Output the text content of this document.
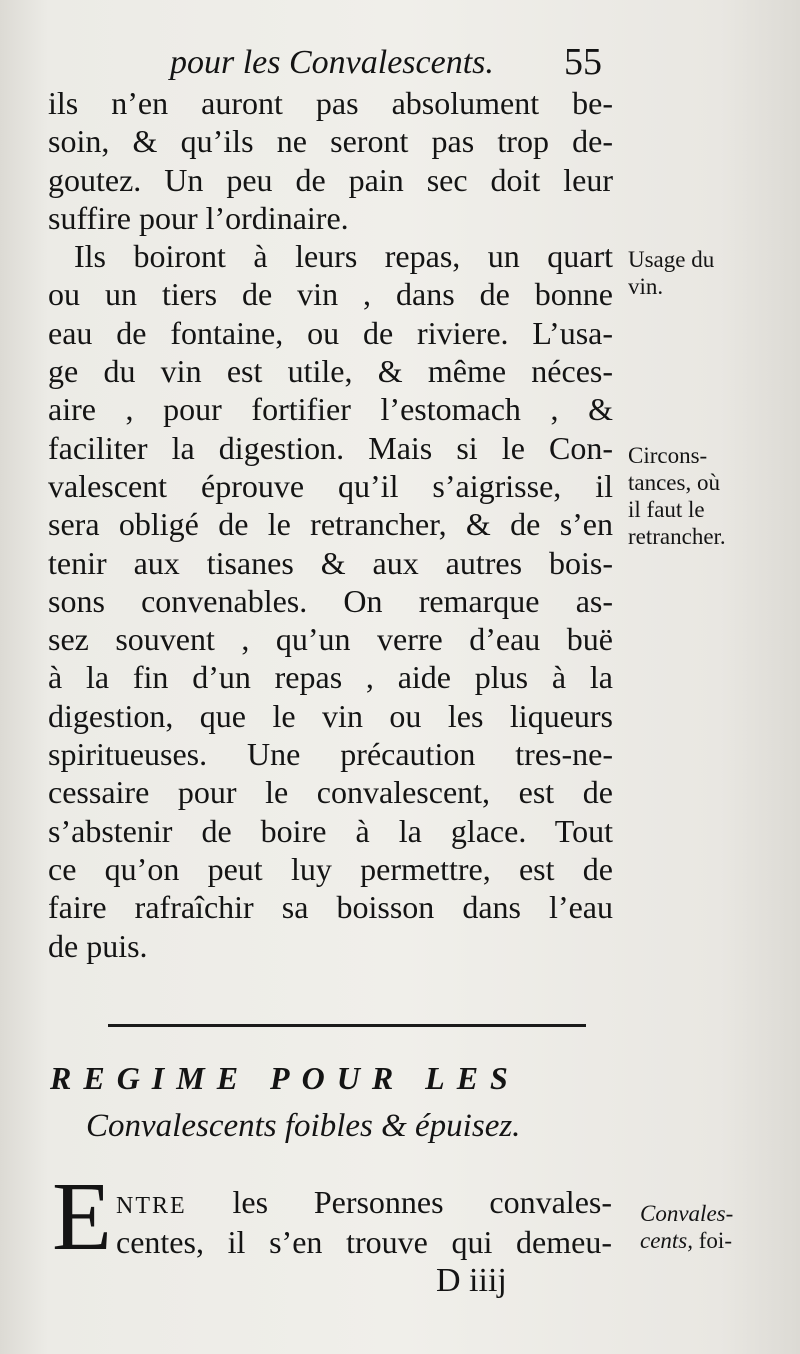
pour les Convalescents. 55
ils n’en auront pas absolument be-
soin, & qu’ils ne seront pas trop de-
goutez. Un peu de pain sec doit leur
suffire pour l’ordinaire.
Ils boiront à leurs repas, un quart
ou un tiers de vin , dans de bonne
eau de fontaine, ou de riviere. L’usa-
ge du vin est utile, & même néces-
aire , pour fortifier l’estomach , &
faciliter la digestion. Mais si le Con-
valescent éprouve qu’il s’aigrisse, il
sera obligé de le retrancher, & de s’en
tenir aux tisanes & aux autres bois-
sons convenables. On remarque as-
sez souvent , qu’un verre d’eau buë
à la fin d’un repas , aide plus à la
digestion, que le vin ou les liqueurs
spiritueuses. Une précaution tres-ne-
cessaire pour le convalescent, est de
s’abstenir de boire à la glace. Tout
ce qu’on peut luy permettre, est de
faire rafraîchir sa boisson dans l’eau
de puis.
Usage du
vin.
Circons-
tances, où
il faut le
retrancher.
REGIME POUR LES
Convalescents foibles & épuisez.
E NTRE les Personnes convales-
centes, il s’en trouve qui demeu-
Convales-
cents, foi-
D iiij
